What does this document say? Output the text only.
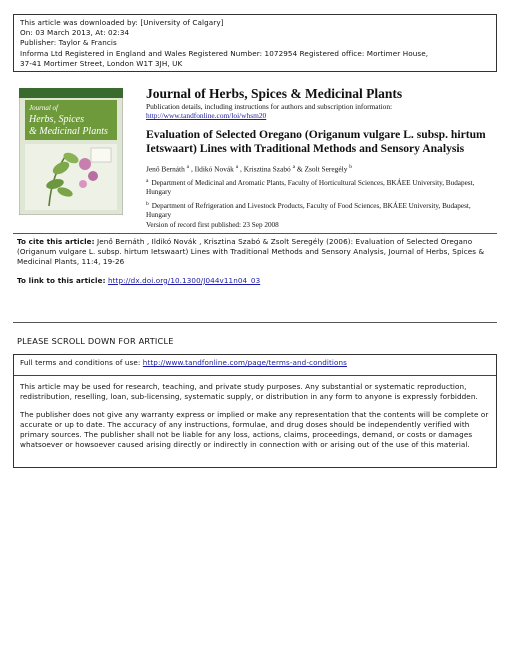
This article was downloaded by: [University of Calgary]
On: 03 March 2013, At: 02:34
Publisher: Taylor & Francis
Informa Ltd Registered in England and Wales Registered Number: 1072954 Registered office: Mortimer House,
37-41 Mortimer Street, London W1T 3JH, UK
Journal of
Herbs, Spices
& Medicinal Plants
Journal of Herbs, Spices & Medicinal Plants
Publication details, including instructions for authors and subscription information:
http://www.tandfonline.com/loi/whsm20
Evaluation of Selected Oregano (Origanum vulgare L. subsp. hirtum Ietswaart) Lines with Traditional Methods and Sensory Analysis
Jenő Bernáth $^a$ , Ildikó Novák $^a$ , Krisztina Szabó $^a$ & Zsolt Seregély $^b$
$^a$ Department of Medicinal and Aromatic Plants, Faculty of Horticultural Sciences, BKÁEE University, Budapest, Hungary
$^b$ Department of Refrigeration and Livestock Products, Faculty of Food Sciences, BKÁEE University, Budapest, Hungary
Version of record first published: 23 Sep 2008
To cite this article: Jenő Bernáth , Ildikó Novák , Krisztina Szabó & Zsolt Seregély (2006): Evaluation of Selected Oregano (Origanum vulgare L. subsp. hirtum Ietswaart) Lines with Traditional Methods and Sensory Analysis, Journal of Herbs, Spices & Medicinal Plants, 11:4, 19-26
To link to this article: http://dx.doi.org/10.1300/J044v11n04_03
PLEASE SCROLL DOWN FOR ARTICLE

Full terms and conditions of use: http://www.tandfonline.com/page/terms-and-conditions

This article may be used for research, teaching, and private study purposes. Any substantial or systematic reproduction, redistribution, reselling, loan, sub-licensing, systematic supply, or distribution in any form to anyone is expressly forbidden.

The publisher does not give any warranty express or implied or make any representation that the contents will be complete or accurate or up to date. The accuracy of any instructions, formulae, and drug doses should be independently verified with primary sources. The publisher shall not be liable for any loss, actions, claims, proceedings, demand, or costs or damages whatsoever or howsoever caused arising directly or indirectly in connection with or arising out of the use of this material.
